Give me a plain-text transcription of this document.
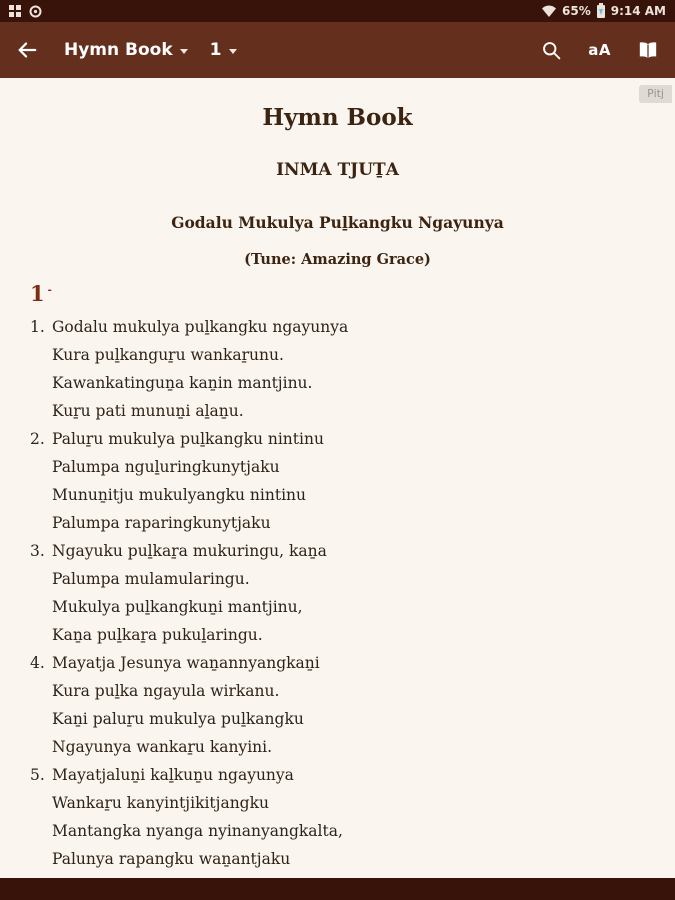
65% 9:14 AM
Hymn Book 1	aA
Pitj
Hymn Book
INMA TJUṮA
Godalu Mukulya Puḻkangku Ngayunya
(Tune: Amazing Grace)
1 -
1. Godalu mukulya puḻkangku ngayunya
Kura puḻkanguṟu wankaṟunu.
Kawankatinguṉa kaṉin mantjinu.
Kuṟu pati munuṉi aḻaṉu.
2. Paluṟu mukulya puḻkangku nintinu
Palumpa nguḻuringkunytjaku
Munuṉitju mukulyangku nintinu
Palumpa raparingkunytjaku
3. Ngayuku puḻkaṟa mukuringu, kaṉa
Palumpa mulamularingu.
Mukulya puḻkangkuṉi mantjinu,
Kaṉa puḻkaṟa pukuḻaringu.
4. Mayatja Jesunya waṉannyangkaṉi
Kura puḻka ngayula wirkanu.
Kaṉi paluṟu mukulya puḻkangku
Ngayunya wankaṟu kanyini.
5. Mayatjaluṉi kaḻkuṉu ngayunya
Wankaṟu kanyintjikitjangku
Mantangka nyanga nyinanyangkalta,
Palunya rapangku waṉantjaku
